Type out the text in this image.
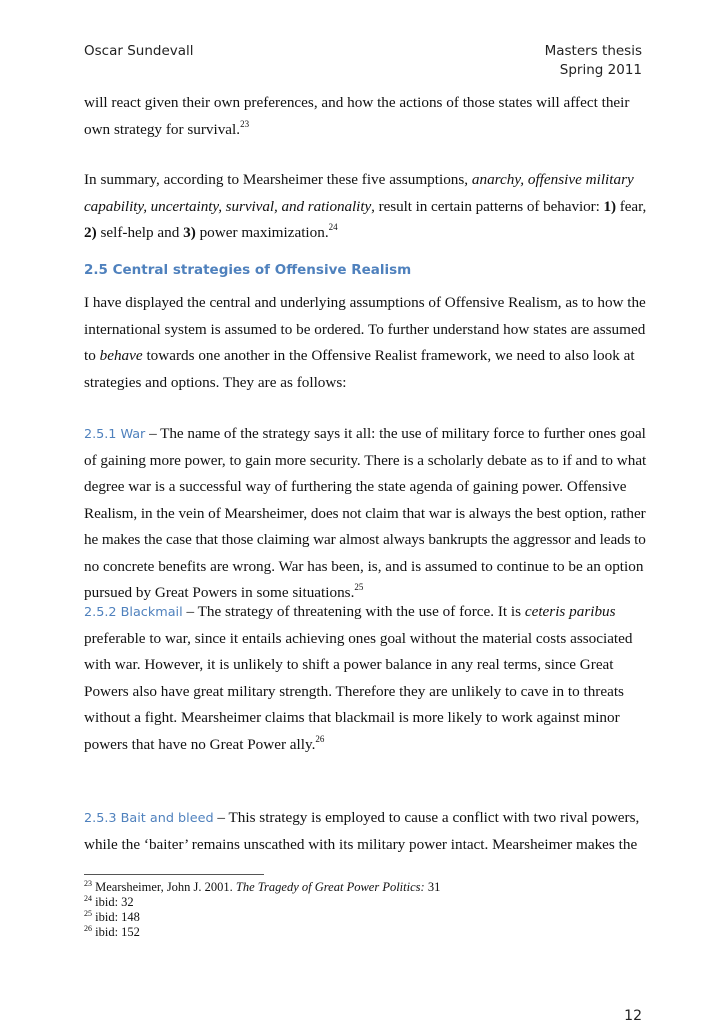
Oscar Sundevall	Masters thesis
Spring 2011
will react given their own preferences, and how the actions of those states will affect their
own strategy for survival.$^{23}$
In summary, according to Mearsheimer these five assumptions, anarchy, offensive military
capability, uncertainty, survival, and rationality, result in certain patterns of behavior: 1) fear,
2) self-help and 3) power maximization.$^{24}$
2.5 Central strategies of Offensive Realism
I have displayed the central and underlying assumptions of Offensive Realism, as to how the
international system is assumed to be ordered. To further understand how states are assumed
to behave towards one another in the Offensive Realist framework, we need to also look at
strategies and options. They are as follows:
2.5.1 War – The name of the strategy says it all: the use of military force to further ones goal
of gaining more power, to gain more security. There is a scholarly debate as to if and to what
degree war is a successful way of furthering the state agenda of gaining power. Offensive
Realism, in the vein of Mearsheimer, does not claim that war is always the best option, rather
he makes the case that those claiming war almost always bankrupts the aggressor and leads to
no concrete benefits are wrong. War has been, is, and is assumed to continue to be an option
pursued by Great Powers in some situations.$^{25}$
2.5.2 Blackmail – The strategy of threatening with the use of force. It is ceteris paribus
preferable to war, since it entails achieving ones goal without the material costs associated
with war. However, it is unlikely to shift a power balance in any real terms, since Great
Powers also have great military strength. Therefore they are unlikely to cave in to threats
without a fight. Mearsheimer claims that blackmail is more likely to work against minor
powers that have no Great Power ally.$^{26}$
2.5.3 Bait and bleed – This strategy is employed to cause a conflict with two rival powers,
while the ‘baiter’ remains unscathed with its military power intact. Mearsheimer makes the
$^{23}$ Mearsheimer, John J. 2001. The Tragedy of Great Power Politics: 31
$^{24}$ ibid: 32
$^{25}$ ibid: 148
$^{26}$ ibid: 152
12
